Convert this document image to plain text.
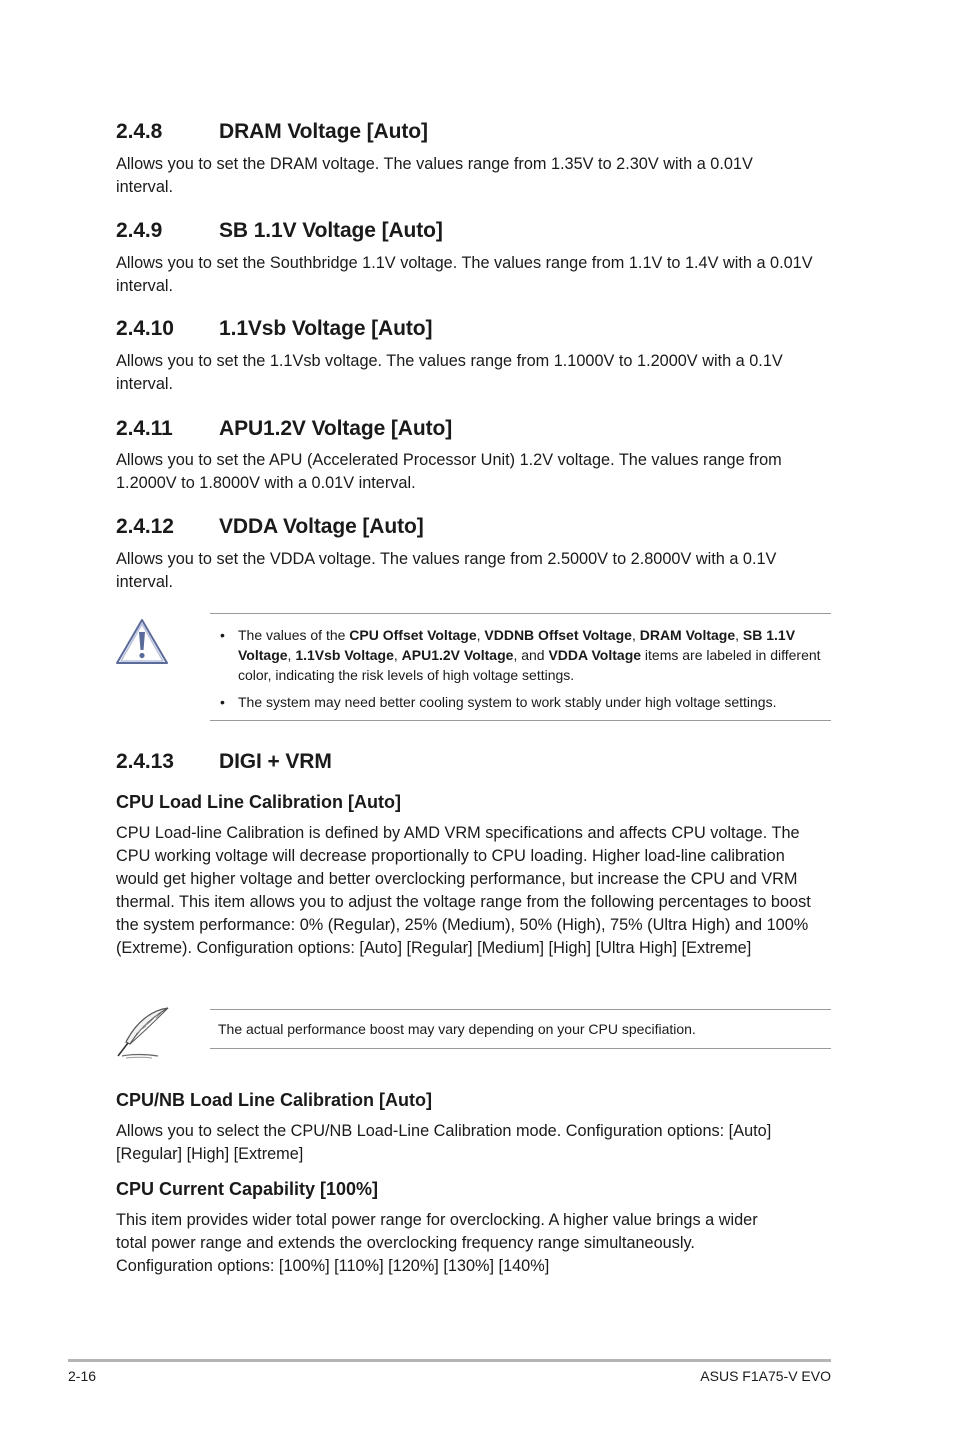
2.4.8	DRAM Voltage [Auto]

Allows you to set the DRAM voltage. The values range from 1.35V to 2.30V with a 0.01V interval.

2.4.9	SB 1.1V Voltage [Auto]

Allows you to set the Southbridge 1.1V voltage. The values range from 1.1V to 1.4V with a 0.01V interval.

2.4.10 1.1Vsb Voltage [Auto]

Allows you to set the 1.1Vsb voltage. The values range from 1.1000V to 1.2000V with a 0.1V interval.

2.4.11 APU1.2V Voltage [Auto]

Allows you to set the APU (Accelerated Processor Unit) 1.2V voltage. The values range from 1.2000V to 1.8000V with a 0.01V interval.

2.4.12 VDDA Voltage [Auto]

Allows you to set the VDDA voltage. The values range from 2.5000V to 2.8000V with a 0.1V interval.

• The values of the CPU Offset Voltage, VDDNB Offset Voltage, DRAM Voltage, SB 1.1V Voltage, 1.1Vsb Voltage, APU1.2V Voltage, and VDDA Voltage items are labeled in different color, indicating the risk levels of high voltage settings.
• The system may need better cooling system to work stably under high voltage settings.
2.4.13 DIGI + VRM
CPU Load Line Calibration [Auto]

CPU Load-line Calibration is defined by AMD VRM specifications and affects CPU voltage. The CPU working voltage will decrease proportionally to CPU loading. Higher load-line calibration would get higher voltage and better overclocking performance, but increase the CPU and VRM thermal. This item allows you to adjust the voltage range from the following percentages to boost the system performance: 0% (Regular), 25% (Medium), 50% (High), 75% (Ultra High) and 100% (Extreme). Configuration options: [Auto] [Regular] [Medium] [High] [Ultra High] [Extreme]

The actual performance boost may vary depending on your CPU specifiation.
CPU/NB Load Line Calibration [Auto]

Allows you to select the CPU/NB Load-Line Calibration mode. Configuration options: [Auto] [Regular] [High] [Extreme]

CPU Current Capability [100%]

This item provides wider total power range for overclocking. A higher value brings a wider total power range and extends the overclocking frequency range simultaneously. Configuration options: [100%] [110%] [120%] [130%] [140%]

2-16	ASUS F1A75-V EVO
